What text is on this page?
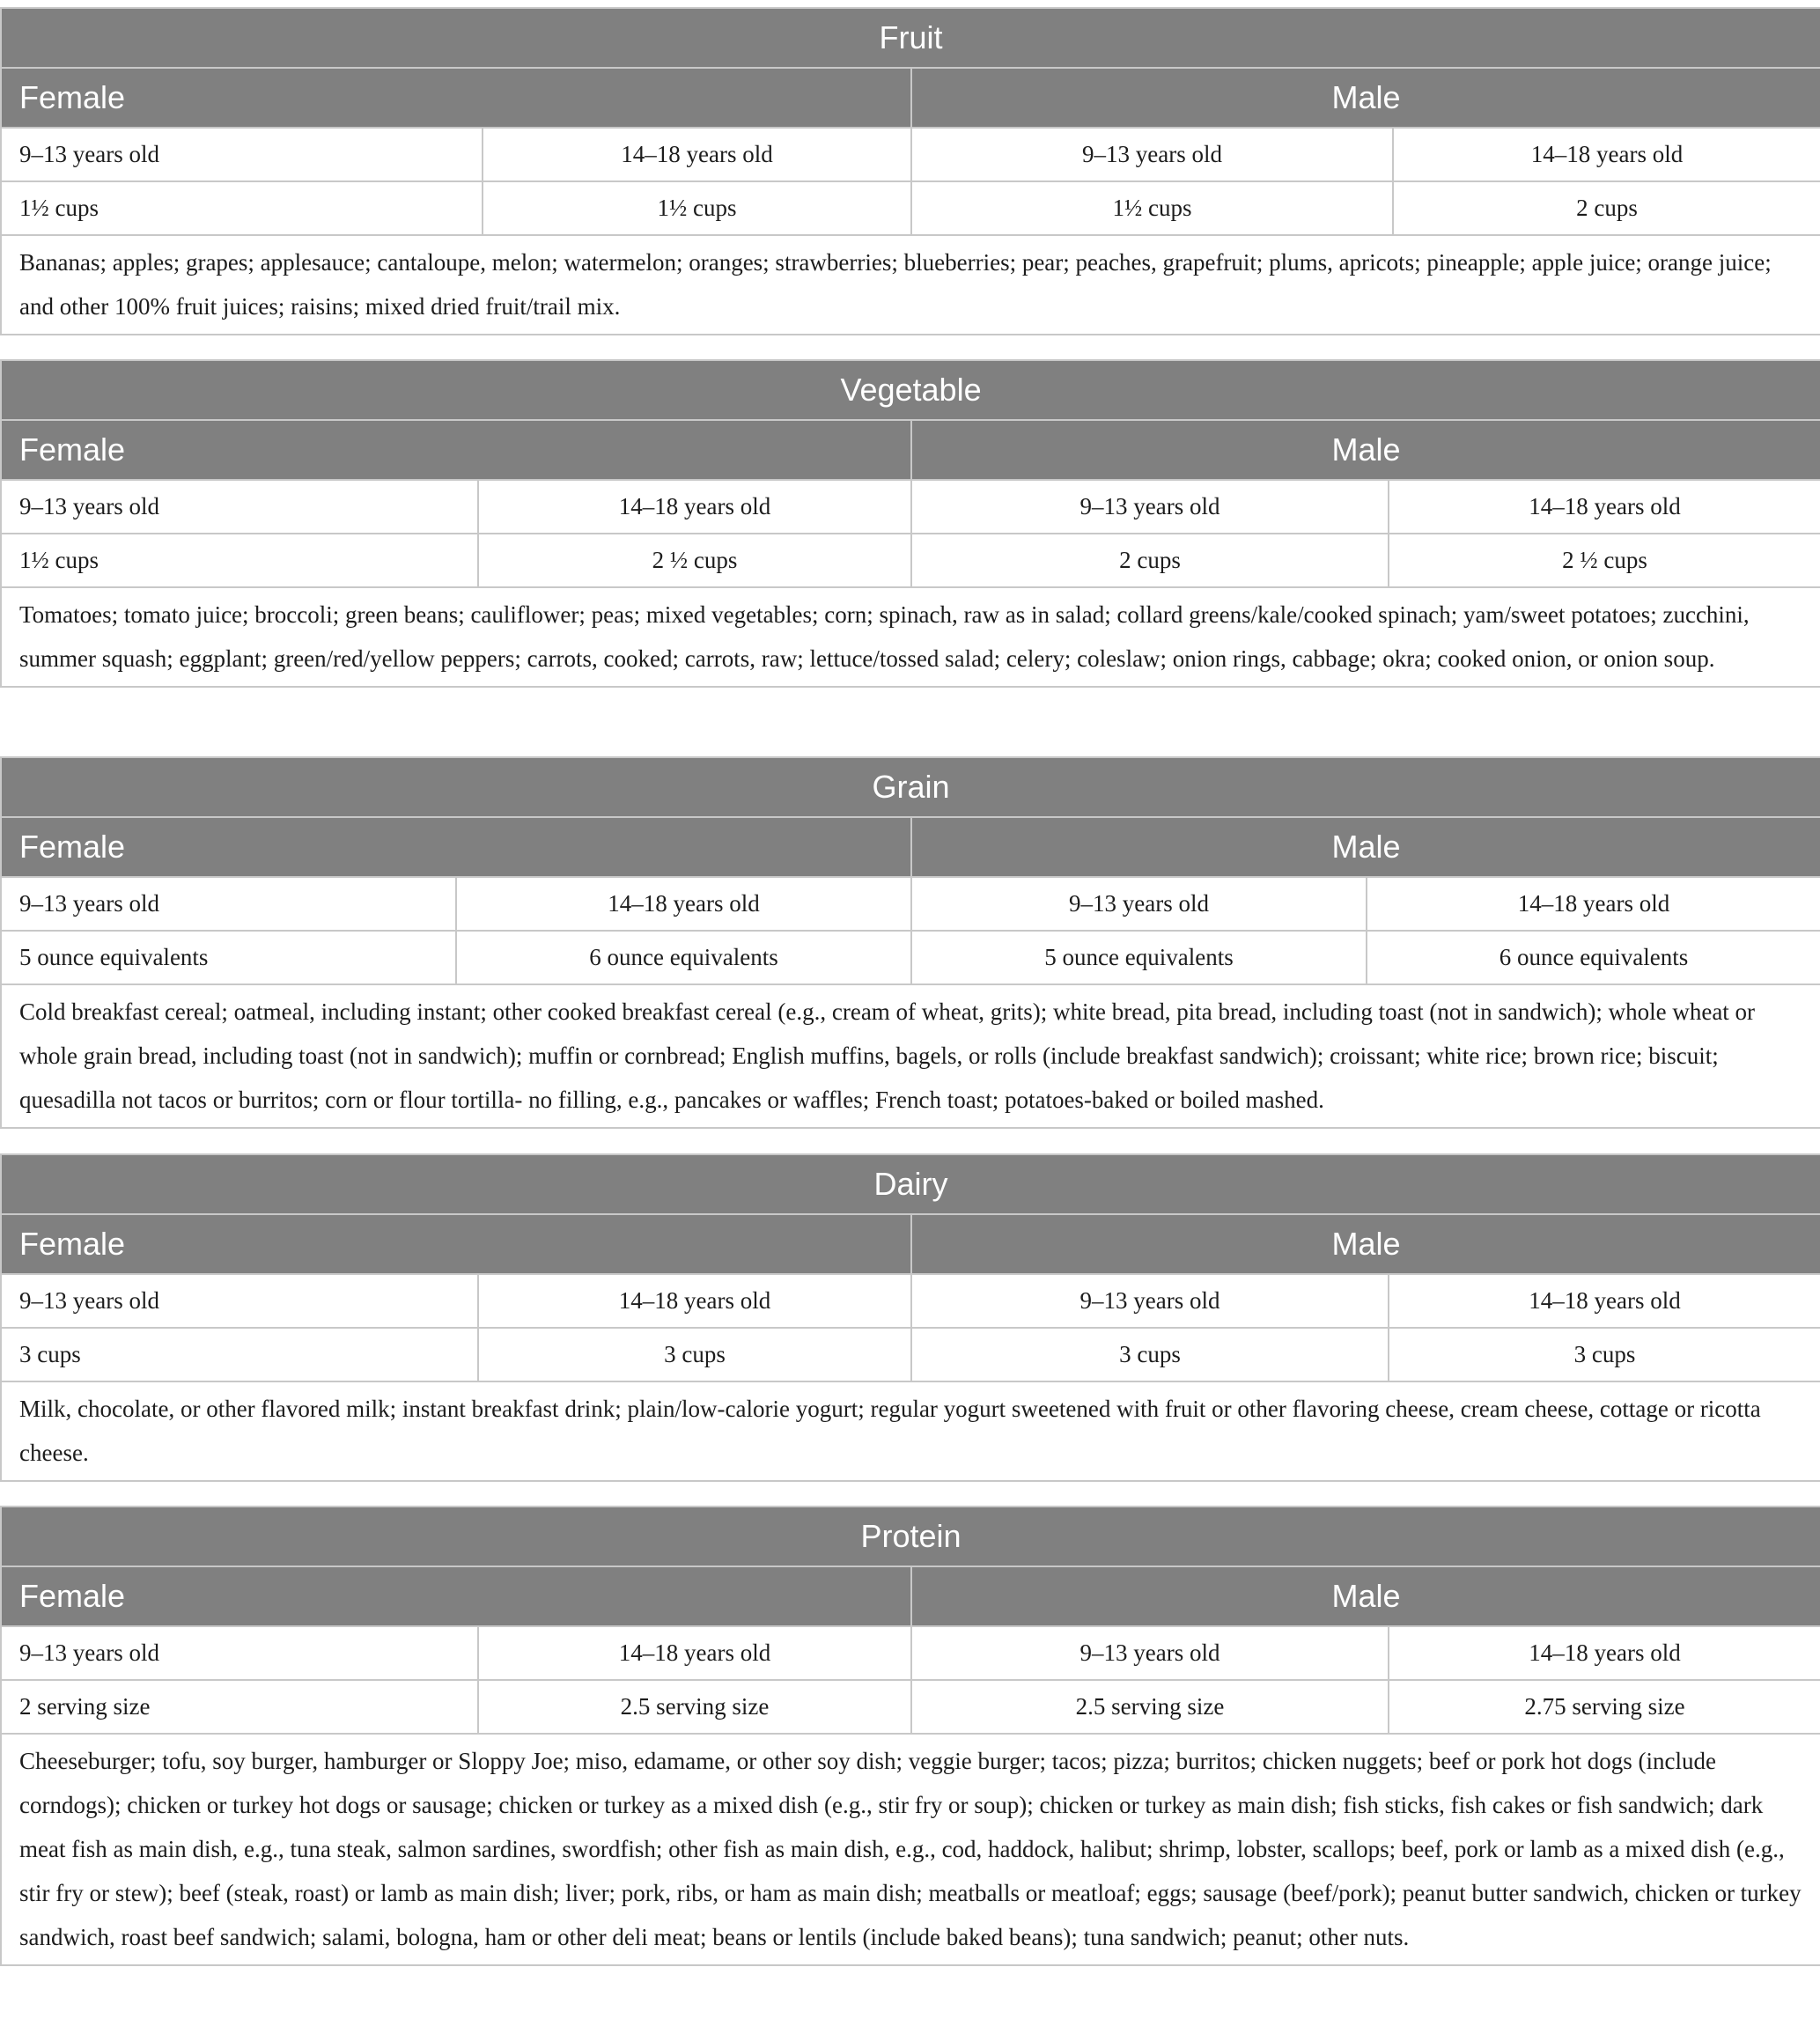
Fruit			
Female		Male	
9–13 years old	14–18 years old	9–13 years old	14–18 years old
1½ cups	1½ cups	1½ cups	2 cups
Bananas; apples; grapes; applesauce; cantaloupe, melon; watermelon; oranges; strawberries; blueberries; pear; peaches, grapefruit; plums, apricots; pineapple; apple juice; orange juice; and other 100% fruit juices; raisins; mixed dried fruit/trail mix.			
Vegetable			
Female		Male	
9–13 years old	14–18 years old	9–13 years old	14–18 years old
1½ cups	2 ½ cups	2 cups	2 ½ cups
Tomatoes; tomato juice; broccoli; green beans; cauliflower; peas; mixed vegetables; corn; spinach, raw as in salad; collard greens/kale/cooked spinach; yam/sweet potatoes; zucchini, summer squash; eggplant; green/red/yellow peppers; carrots, cooked; carrots, raw; lettuce/tossed salad; celery; coleslaw; onion rings, cabbage; okra; cooked onion, or onion soup.			
Grain			
Female		Male	
9–13 years old	14–18 years old	9–13 years old	14–18 years old
5 ounce equivalents	6 ounce equivalents	5 ounce equivalents	6 ounce equivalents
Cold breakfast cereal; oatmeal, including instant; other cooked breakfast cereal (e.g., cream of wheat, grits); white bread, pita bread, including toast (not in sandwich); whole wheat or whole grain bread, including toast (not in sandwich); muffin or cornbread; English muffins, bagels, or rolls (include breakfast sandwich); croissant; white rice; brown rice; biscuit; quesadilla not tacos or burritos; corn or flour tortilla- no filling, e.g., pancakes or waffles; French toast; potatoes-baked or boiled mashed.			
Dairy			
Female		Male	
9–13 years old	14–18 years old	9–13 years old	14–18 years old
3 cups	3 cups	3 cups	3 cups
Milk, chocolate, or other flavored milk; instant breakfast drink; plain/low-calorie yogurt; regular yogurt sweetened with fruit or other flavoring cheese, cream cheese, cottage or ricotta cheese.			
Protein			
Female		Male	
9–13 years old	14–18 years old	9–13 years old	14–18 years old
2 serving size	2.5 serving size	2.5 serving size	2.75 serving size
Cheeseburger; tofu, soy burger, hamburger or Sloppy Joe; miso, edamame, or other soy dish; veggie burger; tacos; pizza; burritos; chicken nuggets; beef or pork hot dogs (include corndogs); chicken or turkey hot dogs or sausage; chicken or turkey as a mixed dish (e.g., stir fry or soup); chicken or turkey as main dish; fish sticks, fish cakes or fish sandwich; dark meat fish as main dish, e.g., tuna steak, salmon sardines, swordfish; other fish as main dish, e.g., cod, haddock, halibut; shrimp, lobster, scallops; beef, pork or lamb as a mixed dish (e.g., stir fry or stew); beef (steak, roast) or lamb as main dish; liver; pork, ribs, or ham as main dish; meatballs or meatloaf; eggs; sausage (beef/pork); peanut butter sandwich, chicken or turkey sandwich, roast beef sandwich; salami, bologna, ham or other deli meat; beans or lentils (include baked beans); tuna sandwich; peanut; other nuts.			
